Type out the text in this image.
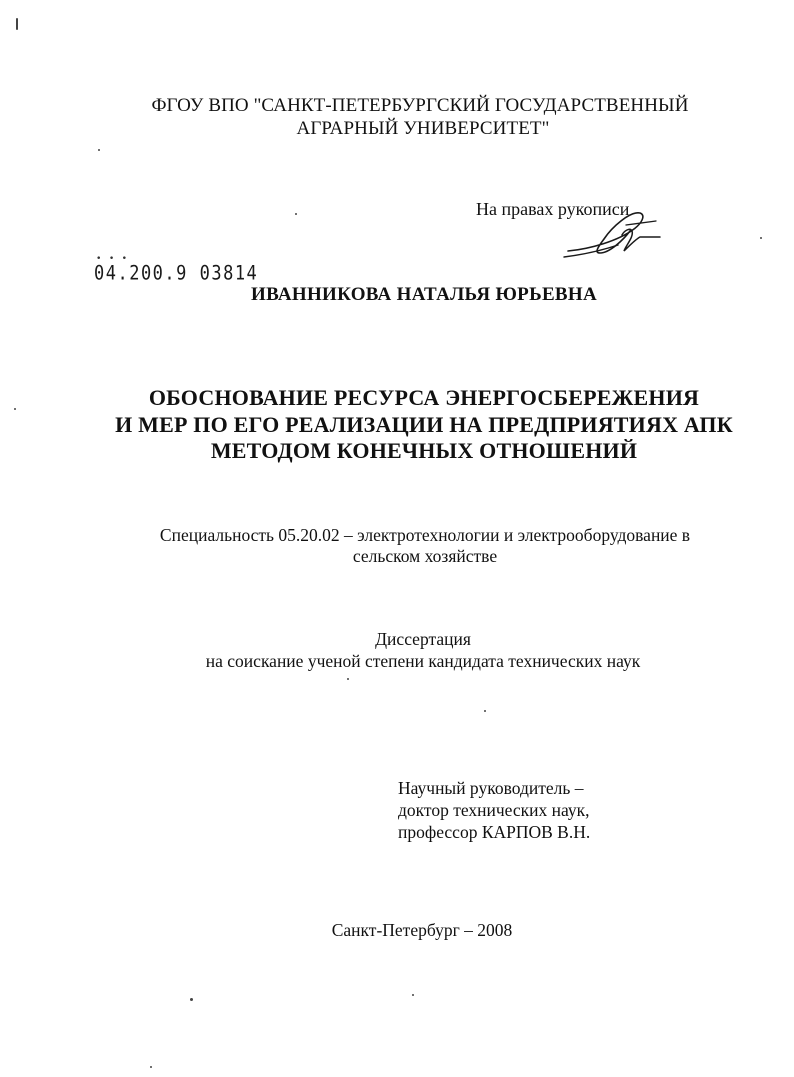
ФГОУ ВПО "САНКТ-ПЕТЕРБУРГСКИЙ ГОСУДАРСТВЕННЫЙ
АГРАРНЫЙ УНИВЕРСИТЕТ"
На правах рукописи
• • •
04.200.9 03814
ИВАННИКОВА НАТАЛЬЯ ЮРЬЕВНА
ОБОСНОВАНИЕ РЕСУРСА ЭНЕРГОСБЕРЕЖЕНИЯ
И МЕР ПО ЕГО РЕАЛИЗАЦИИ НА ПРЕДПРИЯТИЯХ АПК
МЕТОДОМ КОНЕЧНЫХ ОТНОШЕНИЙ
Специальность 05.20.02 – электротехнологии и электрооборудование в
сельском хозяйстве
Диссертация
на соискание ученой степени кандидата технических наук
Научный руководитель –
доктор технических наук,
профессор КАРПОВ В.Н.
Санкт-Петербург – 2008
